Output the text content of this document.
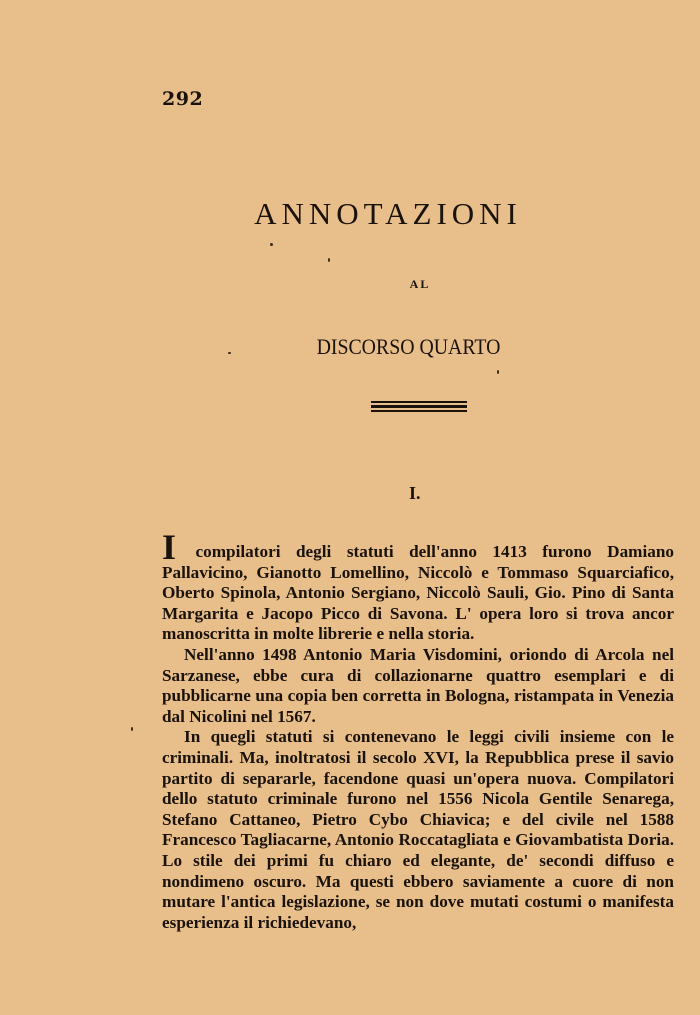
292
ANNOTAZIONI
AL
DISCORSO QUARTO
I.

I compilatori degli statuti dell'anno 1413 furono Damiano Pallavicino, Gianotto Lomellino, Niccolò e Tommaso Squarciafico, Oberto Spinola, Antonio Sergiano, Niccolò Sauli, Gio. Pino di Santa Margarita e Jacopo Picco di Savona. L' opera loro si trova ancor manoscritta in molte librerie e nella storia.

Nell'anno 1498 Antonio Maria Visdomini, oriondo di Arcola nel Sarzanese, ebbe cura di collazionarne quattro esemplari e di pubblicarne una copia ben corretta in Bologna, ristampata in Venezia dal Nicolini nel 1567.

In quegli statuti si contenevano le leggi civili insieme con le criminali. Ma, inoltratosi il secolo XVI, la Repubblica prese il savio partito di separarle, facendone quasi un'opera nuova. Compilatori dello statuto criminale furono nel 1556 Nicola Gentile Senarega, Stefano Cattaneo, Pietro Cybo Chiavica; e del civile nel 1588 Francesco Tagliacarne, Antonio Roccatagliata e Giovambatista Doria. Lo stile dei primi fu chiaro ed elegante, de' secondi diffuso e nondimeno oscuro. Ma questi ebbero saviamente a cuore di non mutare l'antica legislazione, se non dove mutati costumi o manifesta esperienza il richiedevano,
